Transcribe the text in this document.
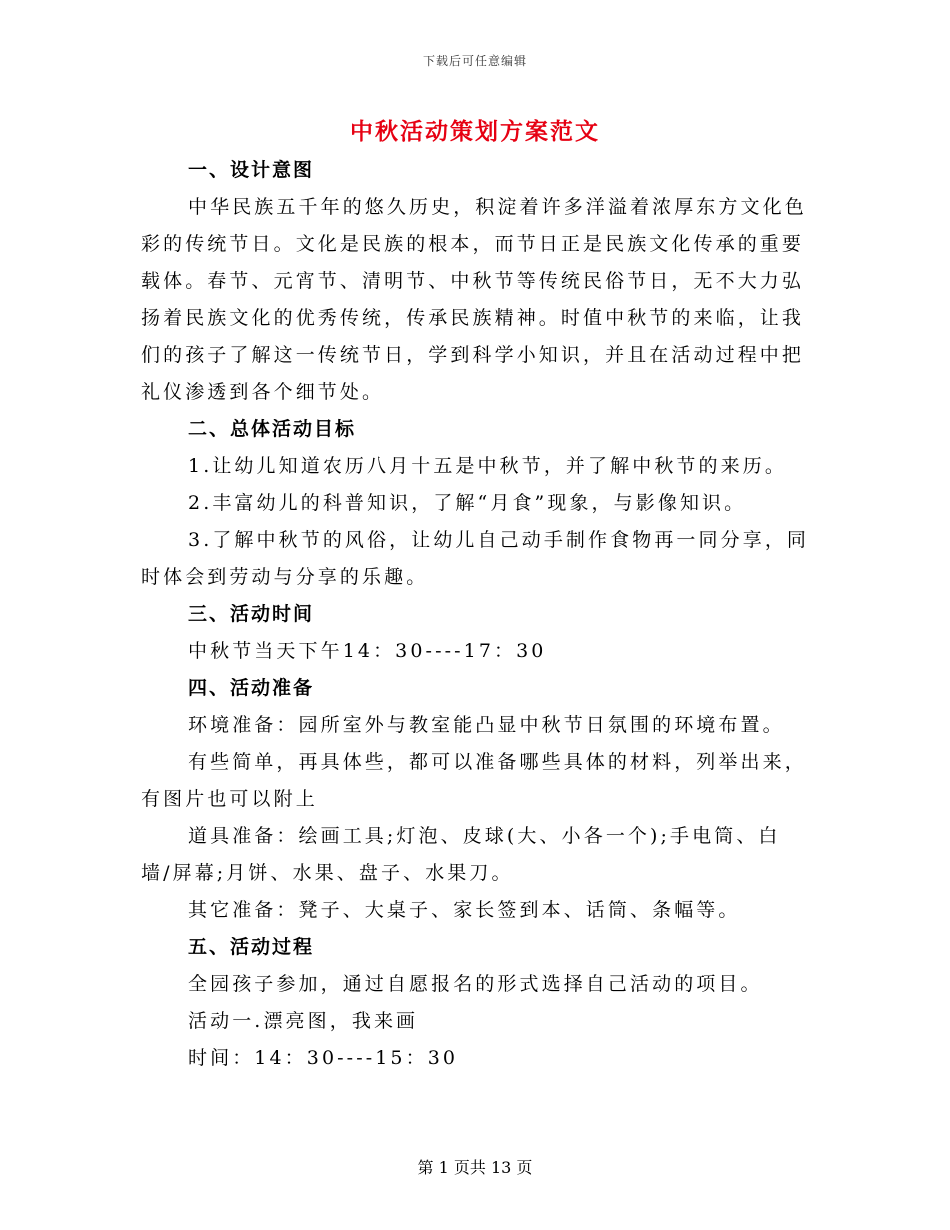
下载后可任意编辑
中秋活动策划方案范文
一、设计意图

中华民族五千年的悠久历史，积淀着许多洋溢着浓厚东方文化色彩的传统节日。文化是民族的根本，而节日正是民族文化传承的重要载体。春节、元宵节、清明节、中秋节等传统民俗节日，无不大力弘扬着民族文化的优秀传统，传承民族精神。时值中秋节的来临，让我们的孩子了解这一传统节日，学到科学小知识，并且在活动过程中把礼仪渗透到各个细节处。

二、总体活动目标

1.让幼儿知道农历八月十五是中秋节，并了解中秋节的来历。

2.丰富幼儿的科普知识，了解“月食”现象，与影像知识。

3.了解中秋节的风俗，让幼儿自己动手制作食物再一同分享，同时体会到劳动与分享的乐趣。

三、活动时间

中秋节当天下午14：30----17：30

四、活动准备

环境准备：园所室外与教室能凸显中秋节日氛围的环境布置。

有些简单，再具体些，都可以准备哪些具体的材料，列举出来，有图片也可以附上

道具准备：绘画工具;灯泡、皮球(大、小各一个);手电筒、白墙/屏幕;月饼、水果、盘子、水果刀。

其它准备：凳子、大桌子、家长签到本、话筒、条幅等。

五、活动过程

全园孩子参加，通过自愿报名的形式选择自己活动的项目。

活动一.漂亮图，我来画

时间：14：30----15：30

第 1 页共 13 页
